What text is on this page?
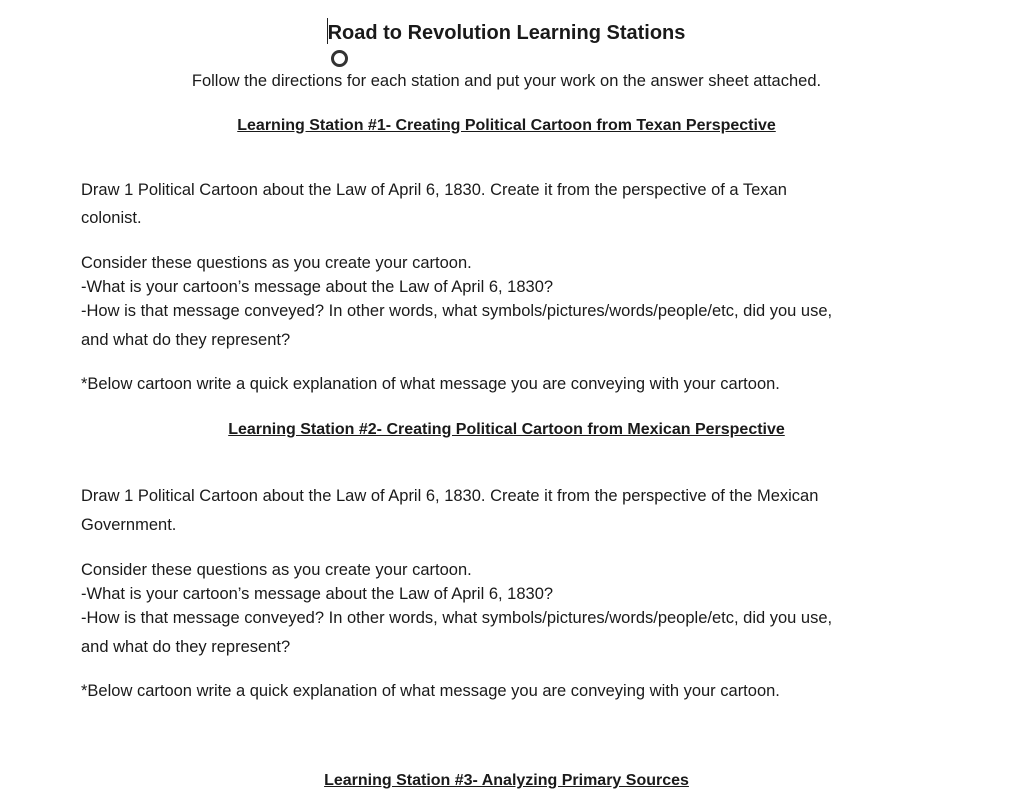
Road to Revolution Learning Stations
Follow the directions for each station and put your work on the answer sheet attached.
Learning Station #1- Creating Political Cartoon from Texan Perspective
Draw 1 Political Cartoon about the Law of April 6, 1830. Create it from the perspective of a Texan
colonist.
Consider these questions as you create your cartoon.
-What is your cartoon’s message about the Law of April 6, 1830?
-How is that message conveyed? In other words, what symbols/pictures/words/people/etc, did you use,
and what do they represent?
*Below cartoon write a quick explanation of what message you are conveying with your cartoon.
Learning Station #2- Creating Political Cartoon from Mexican Perspective
Draw 1 Political Cartoon about the Law of April 6, 1830. Create it from the perspective of the Mexican
Government.
Consider these questions as you create your cartoon.
-What is your cartoon’s message about the Law of April 6, 1830?
-How is that message conveyed? In other words, what symbols/pictures/words/people/etc, did you use,
and what do they represent?
*Below cartoon write a quick explanation of what message you are conveying with your cartoon.
Learning Station #3- Analyzing Primary Sources
